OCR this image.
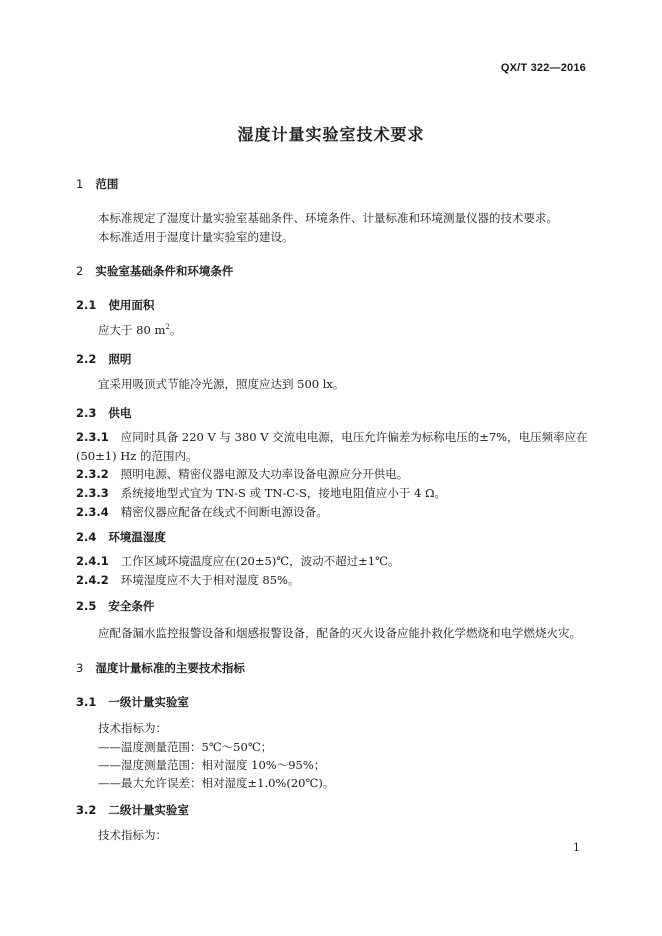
QX/T 322—2016
湿度计量实验室技术要求
1 范围
本标准规定了湿度计量实验室基础条件、环境条件、计量标准和环境测量仪器的技术要求。
本标准适用于湿度计量实验室的建设。
2 实验室基础条件和环境条件
2.1 使用面积
应大于 80 $m^2$。
2.2 照明
宜采用吸顶式节能冷光源，照度应达到 500 lx。
2.3 供电
2.3.1 应同时具备 220 V 与 380 V 交流电电源，电压允许偏差为标称电压的±7%，电压频率应在(50±1) Hz 的范围内。
2.3.2 照明电源、精密仪器电源及大功率设备电源应分开供电。
2.3.3 系统接地型式宜为 TN-S 或 TN-C-S，接地电阻值应小于 4 Ω。
2.3.4 精密仪器应配备在线式不间断电源设备。
2.4 环境温湿度
2.4.1 工作区域环境温度应在(20±5)℃，波动不超过±1℃。
2.4.2 环境湿度应不大于相对湿度 85%。
2.5 安全条件
应配备漏水监控报警设备和烟感报警设备，配备的灭火设备应能扑救化学燃烧和电学燃烧火灾。
3 湿度计量标准的主要技术指标
3.1 一级计量实验室
技术指标为：
——温度测量范围：5℃～50℃；
——湿度测量范围：相对湿度 10%～95%；
——最大允许误差：相对湿度±1.0%(20℃)。
3.2 二级计量实验室
技术指标为：
1
